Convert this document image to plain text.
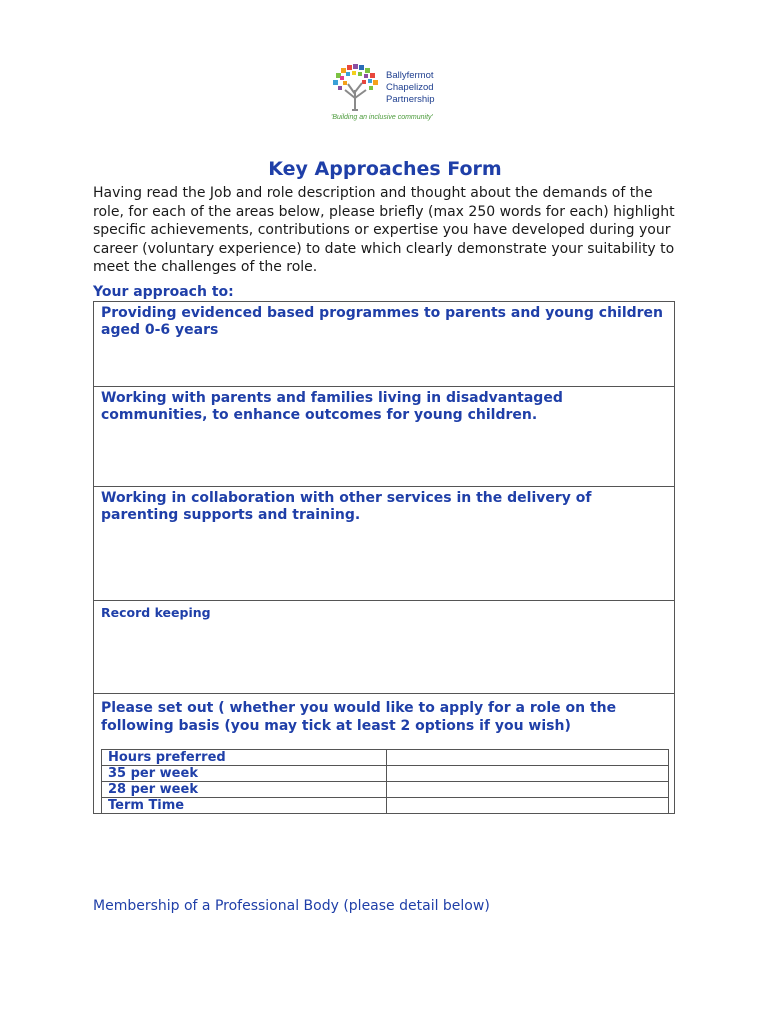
Ballyfermot
Chapelizod
Partnership
'Building an inclusive community'
Key Approaches Form
Having read the Job and role description and thought about the demands of the role, for each of the areas below, please briefly (max 250 words for each) highlight specific achievements, contributions or expertise you have developed during your career (voluntary experience) to date which clearly demonstrate your suitability to meet the challenges of the role.
Your approach to:
Providing evidenced based programmes to parents and young children aged 0-6 years
Working with parents and families living in disadvantaged communities, to enhance outcomes for young children.
Working in collaboration with other services in the delivery of parenting supports and training.
Record keeping
Please set out ( whether you would like to apply for a role on the following basis (you may tick at least 2 options if you wish)
Hours preferred	
35 per week	
28 per week	
Term Time	
Membership of a Professional Body (please detail below)
